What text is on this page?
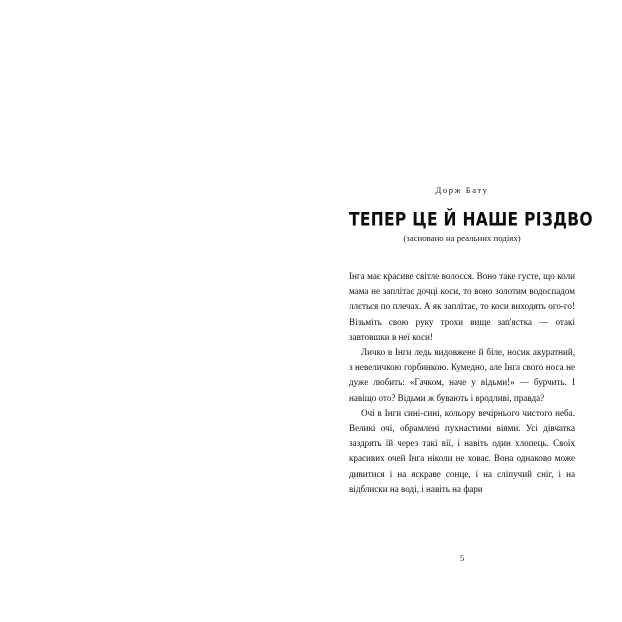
Дорж Бату
ТЕПЕР ЦЕ Й НАШЕ РІЗДВО
(засновано на реальних подіях)

Інга має красиве світле волосся. Воно таке густе, що коли мама не заплітає дочці коси, то воно золотим водоспадом ллється по плечах. А як заплітає, то коси виходять ого-го! Візьміть свою руку трохи вище зап'ястка — отакі завтовшки в неї коси!

Личко в Інги ледь видовжене й біле, носик акуратний, з невеличкою горбинкою. Кумедно, але Інга свого носа не дуже любить: «Гачком, наче у відьми!» — бурчить. І навіщо ото? Відьми ж бувають і вродливі, правда?

Очі в Інги сині-сині, кольору вечірнього чистого неба. Великі очі, обрамлені пухнастими віями. Усі дівчатка заздрять їй через такі вії, і навіть один хлопець. Своїх красивих очей Інга ніколи не ховає. Вона однаково може дивитися і на яскраве сонце, і на сліпучий сніг, і на відблиски на воді, і навіть на фари

5
